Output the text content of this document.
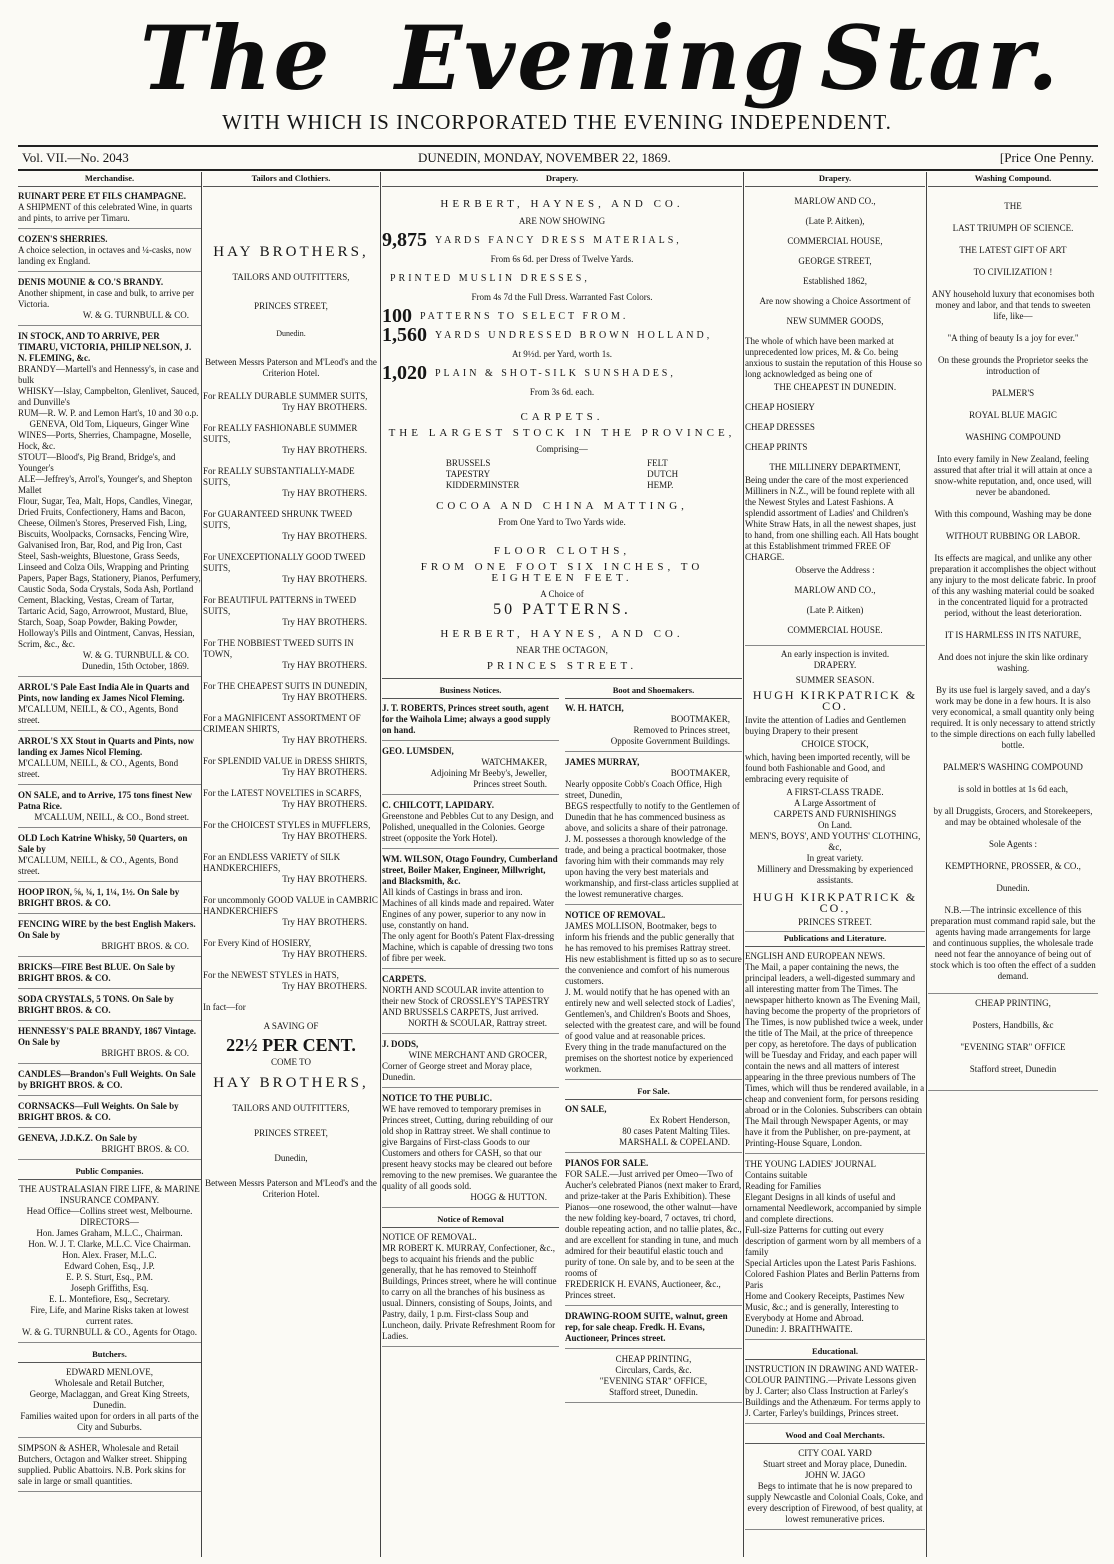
The Evening Star.
WITH WHICH IS INCORPORATED THE EVENING INDEPENDENT.
Vol. VII.—No. 2043	DUNEDIN, MONDAY, NOVEMBER 22, 1869.	[Price One Penny.
Merchandise.

RUINART PERE ET FILS CHAMPAGNE.

A SHIPMENT of this celebrated Wine, in quarts and pints, to arrive per Timaru.

COZEN'S SHERRIES.

A choice selection, in octaves and ¼-casks, now landing ex England.

DENIS MOUNIE & CO.'S BRANDY.

Another shipment, in case and bulk, to arrive per Victoria.

W. & G. TURNBULL & CO.

IN STOCK, AND TO ARRIVE, PER TIMARU, VICTORIA, PHILIP NELSON, J. N. FLEMING, &c.

BRANDY—Martell's and Hennessy's, in case and bulk

WHISKY—Islay, Campbelton, Glenlivet, Sauced, and Dunville's

RUM—R. W. P. and Lemon Hart's, 10 and 30 o.p.

GENEVA, Old Tom, Liqueurs, Ginger Wine

WINES—Ports, Sherries, Champagne, Moselle, Hock, &c.

STOUT—Blood's, Pig Brand, Bridge's, and Younger's

ALE—Jeffrey's, Arrol's, Younger's, and Shepton Mallet

Flour, Sugar, Tea, Malt, Hops, Candles, Vinegar, Dried Fruits, Confectionery, Hams and Bacon, Cheese, Oilmen's Stores, Preserved Fish, Ling, Biscuits, Woolpacks, Cornsacks, Fencing Wire, Galvanised Iron, Bar, Rod, and Pig Iron, Cast Steel, Sash-weights, Bluestone, Grass Seeds, Linseed and Colza Oils, Wrapping and Printing Papers, Paper Bags, Stationery, Pianos, Perfumery, Caustic Soda, Soda Crystals, Soda Ash, Portland Cement, Blacking, Vestas, Cream of Tartar, Tartaric Acid, Sago, Arrowroot, Mustard, Blue, Starch, Soap, Soap Powder, Baking Powder, Holloway's Pills and Ointment, Canvas, Hessian, Scrim, &c., &c.

W. & G. TURNBULL & CO.

Dunedin, 15th October, 1869.

ARROL'S Pale East India Ale in Quarts and Pints, now landing ex James Nicol Fleming.

M'CALLUM, NEILL, & CO., Agents, Bond street.

ARROL'S XX Stout in Quarts and Pints, now landing ex James Nicol Fleming.

M'CALLUM, NEILL, & CO., Agents, Bond street.

ON SALE, and to Arrive, 175 tons finest New Patna Rice.

M'CALLUM, NEILL, & CO., Bond street.

OLD Loch Katrine Whisky, 50 Quarters, on Sale by

M'CALLUM, NEILL, & CO., Agents, Bond street.

HOOP IRON, ⅝, ¾, 1, 1¼, 1½. On Sale by BRIGHT BROS. & CO.

FENCING WIRE by the best English Makers. On Sale by

BRIGHT BROS. & CO.

BRICKS—FIRE Best BLUE. On Sale by BRIGHT BROS. & CO.

SODA CRYSTALS, 5 TONS. On Sale by BRIGHT BROS. & CO.

HENNESSY'S PALE BRANDY, 1867 Vintage. On Sale by

BRIGHT BROS. & CO.

CANDLES—Brandon's Full Weights. On Sale by BRIGHT BROS. & CO.

CORNSACKS—Full Weights. On Sale by BRIGHT BROS. & CO.

GENEVA, J.D.K.Z. On Sale by

BRIGHT BROS. & CO.

Public Companies.

THE AUSTRALASIAN FIRE LIFE, & MARINE INSURANCE COMPANY.

Head Office—Collins street west, Melbourne.

DIRECTORS—

Hon. James Graham, M.L.C., Chairman.

Hon. W. J. T. Clarke, M.L.C. Vice Chairman.

Hon. Alex. Fraser, M.L.C.

Edward Cohen, Esq., J.P.

E. P. S. Sturt, Esq., P.M.

Joseph Griffiths, Esq.

E. L. Montefiore, Esq., Secretary.

Fire, Life, and Marine Risks taken at lowest current rates.

W. & G. TURNBULL & CO., Agents for Otago.

Butchers.

EDWARD MENLOVE,

Wholesale and Retail Butcher,

George, Maclaggan, and Great King Streets, Dunedin.

Families waited upon for orders in all parts of the City and Suburbs.

SIMPSON & ASHER, Wholesale and Retail Butchers, Octagon and Walker street. Shipping supplied. Public Abattoirs. N.B. Pork skins for sale in large or small quantities.

Tailors and Clothiers.
HAY BROTHERS,
TAILORS AND OUTFITTERS,
PRINCES STREET,
Dunedin.
Between Messrs Paterson and M'Leod's and the Criterion Hotel.
For REALLY DURABLE SUMMER SUITS,
Try HAY BROTHERS.
For REALLY FASHIONABLE SUMMER SUITS,
Try HAY BROTHERS.
For REALLY SUBSTANTIALLY-MADE SUITS,
Try HAY BROTHERS.
For GUARANTEED SHRUNK TWEED SUITS,
Try HAY BROTHERS.
For UNEXCEPTIONALLY GOOD TWEED SUITS,
Try HAY BROTHERS.
For BEAUTIFUL PATTERNS in TWEED SUITS,
Try HAY BROTHERS.
For THE NOBBIEST TWEED SUITS IN TOWN,
Try HAY BROTHERS.
For THE CHEAPEST SUITS IN DUNEDIN,
Try HAY BROTHERS.
For a MAGNIFICENT ASSORTMENT OF CRIMEAN SHIRTS,
Try HAY BROTHERS.
For SPLENDID VALUE in DRESS SHIRTS,
Try HAY BROTHERS.
For the LATEST NOVELTIES in SCARFS,
Try HAY BROTHERS.
For the CHOICEST STYLES in MUFFLERS,
Try HAY BROTHERS.
For an ENDLESS VARIETY of SILK HANDKERCHIEFS,
Try HAY BROTHERS.
For uncommonly GOOD VALUE in CAMBRIC HANDKERCHIEFS
Try HAY BROTHERS.
For Every Kind of HOSIERY,
Try HAY BROTHERS.
For the NEWEST STYLES in HATS,
Try HAY BROTHERS.
In fact—for
A SAVING OF
22½ PER CENT.
COME TO
HAY BROTHERS,
TAILORS AND OUTFITTERS,
PRINCES STREET,
Dunedin,
Between Messrs Paterson and M'Leod's and the Criterion Hotel.
Drapery.
HERBERT, HAYNES, AND CO.
ARE NOW SHOWING
9,875 YARDS FANCY DRESS MATERIALS,
From 6s 6d. per Dress of Twelve Yards.
PRINTED MUSLIN DRESSES,
From 4s 7d the Full Dress. Warranted Fast Colors.
100 PATTERNS TO SELECT FROM.
1,560 YARDS UNDRESSED BROWN HOLLAND,
At 9½d. per Yard, worth 1s.
1,020 PLAIN & SHOT-SILK SUNSHADES,
From 3s 6d. each.
CARPETS.
THE LARGEST STOCK IN THE PROVINCE,
Comprising—
BRUSSELS
TAPESTRY
KIDDERMINSTER
FELT
DUTCH
HEMP.
COCOA AND CHINA MATTING,
From One Yard to Two Yards wide.
FLOOR CLOTHS,
FROM ONE FOOT SIX INCHES, TO EIGHTEEN FEET.
A Choice of
50 PATTERNS.
HERBERT, HAYNES, AND CO.
NEAR THE OCTAGON,
PRINCES STREET.
Business Notices.

J. T. ROBERTS, Princes street south, agent for the Waihola Lime; always a good supply on hand.

GEO. LUMSDEN,

WATCHMAKER,

Adjoining Mr Beeby's, Jeweller,

Princes street South.

C. CHILCOTT, LAPIDARY.

Greenstone and Pebbles Cut to any Design, and Polished, unequalled in the Colonies. George street (opposite the York Hotel).

WM. WILSON, Otago Foundry, Cumberland street, Boiler Maker, Engineer, Millwright, and Blacksmith, &c.

All kinds of Castings in brass and iron. Machines of all kinds made and repaired. Water Engines of any power, superior to any now in use, constantly on hand.

The only agent for Booth's Patent Flax-dressing Machine, which is capable of dressing two tons of fibre per week.

CARPETS.

NORTH AND SCOULAR invite attention to their new Stock of CROSSLEY'S TAPESTRY AND BRUSSELS CARPETS, Just arrived.

NORTH & SCOULAR, Rattray street.

J. DODS,

WINE MERCHANT AND GROCER,

Corner of George street and Moray place, Dunedin.

NOTICE TO THE PUBLIC.

WE have removed to temporary premises in Princes street, Cutting, during rebuilding of our old shop in Rattray street. We shall continue to give Bargains of First-class Goods to our Customers and others for CASH, so that our present heavy stocks may be cleared out before removing to the new premises. We guarantee the quality of all goods sold.

HOGG & HUTTON.

Notice of Removal

NOTICE OF REMOVAL.

MR ROBERT K. MURRAY, Confectioner, &c., begs to acquaint his friends and the public generally, that he has removed to Steinhoff Buildings, Princes street, where he will continue to carry on all the branches of his business as usual. Dinners, consisting of Soups, Joints, and Pastry, daily, 1 p.m. First-class Soup and Luncheon, daily. Private Refreshment Room for Ladies.

Boot and Shoemakers.

W. H. HATCH,

BOOTMAKER,

Removed to Princes street,

Opposite Government Buildings.

JAMES MURRAY,

BOOTMAKER,

Nearly opposite Cobb's Coach Office, High street, Dunedin,

BEGS respectfully to notify to the Gentlemen of Dunedin that he has commenced business as above, and solicits a share of their patronage.

J. M. possesses a thorough knowledge of the trade, and being a practical bootmaker, those favoring him with their commands may rely upon having the very best materials and workmanship, and first-class articles supplied at the lowest remunerative charges.

NOTICE OF REMOVAL.

JAMES MOLLISON, Bootmaker, begs to inform his friends and the public generally that he has removed to his premises Rattray street. His new establishment is fitted up so as to secure the convenience and comfort of his numerous customers.

J. M. would notify that he has opened with an entirely new and well selected stock of Ladies', Gentlemen's, and Children's Boots and Shoes, selected with the greatest care, and will be found of good value and at reasonable prices.

Every thing in the trade manufactured on the premises on the shortest notice by experienced workmen.

For Sale.

ON SALE,

Ex Robert Henderson,

80 cases Patent Malting Tiles.

MARSHALL & COPELAND.

PIANOS FOR SALE.

FOR SALE.—Just arrived per Omeo—Two of Aucher's celebrated Pianos (next maker to Erard, and prize-taker at the Paris Exhibition). These Pianos—one rosewood, the other walnut—have the new folding key-board, 7 octaves, tri chord, double repeating action, and no tallie plates, &c., and are excellent for standing in tune, and much admired for their beautiful elastic touch and purity of tone. On sale by, and to be seen at the rooms of

FREDERICK H. EVANS, Auctioneer, &c., Princes street.

DRAWING-ROOM SUITE, walnut, green rep, for sale cheap. Fredk. H. Evans, Auctioneer, Princes street.

CHEAP PRINTING,

Circulars, Cards, &c.

"EVENING STAR" OFFICE,

Stafford street, Dunedin.

Drapery.

MARLOW AND CO.,

(Late P. Aitken),

COMMERCIAL HOUSE,

GEORGE STREET,

Established 1862,

Are now showing a Choice Assortment of

NEW SUMMER GOODS,

The whole of which have been marked at unprecedented low prices, M. & Co. being anxious to sustain the reputation of this House so long acknowledged as being one of

THE CHEAPEST IN DUNEDIN.

CHEAP HOSIERY

CHEAP DRESSES

CHEAP PRINTS

THE MILLINERY DEPARTMENT,

Being under the care of the most experienced Milliners in N.Z., will be found replete with all the Newest Styles and Latest Fashions. A splendid assortment of Ladies' and Children's White Straw Hats, in all the newest shapes, just to hand, from one shilling each. All Hats bought at this Establishment trimmed FREE OF CHARGE.

Observe the Address :

MARLOW AND CO.,

(Late P. Aitken)

COMMERCIAL HOUSE.

An early inspection is invited.
DRAPERY.
SUMMER SEASON.
HUGH KIRKPATRICK & CO.

Invite the attention of Ladies and Gentlemen buying Drapery to their present

CHOICE STOCK,

which, having been imported recently, will be found both Fashionable and Good, and embracing every requisite of

A FIRST-CLASS TRADE.
A Large Assortment of
CARPETS AND FURNISHINGS
On Land.
MEN'S, BOYS', AND YOUTHS' CLOTHING, &c,
In great variety.
Millinery and Dressmaking by experienced assistants.
HUGH KIRKPATRICK & CO.,
PRINCES STREET.
Publications and Literature.

ENGLISH AND EUROPEAN NEWS.

The Mail, a paper containing the news, the principal leaders, a well-digested summary and all interesting matter from The Times. The newspaper hitherto known as The Evening Mail, having become the property of the proprietors of The Times, is now published twice a week, under the title of The Mail, at the price of threepence per copy, as heretofore. The days of publication will be Tuesday and Friday, and each paper will contain the news and all matters of interest appearing in the three previous numbers of The Times, which will thus be rendered available, in a cheap and convenient form, for persons residing abroad or in the Colonies. Subscribers can obtain The Mail through Newspaper Agents, or may have it from the Publisher, on pre-payment, at Printing-House Square, London.

THE YOUNG LADIES' JOURNAL

Contains suitable

Reading for Families

Elegant Designs in all kinds of useful and ornamental Needlework, accompanied by simple and complete directions.

Full-size Patterns for cutting out every description of garment worn by all members of a family

Special Articles upon the Latest Paris Fashions.

Colored Fashion Plates and Berlin Patterns from Paris

Home and Cookery Receipts, Pastimes New Music, &c.; and is generally, Interesting to Everybody at Home and Abroad.

Dunedin: J. BRAITHWAITE.

Educational.
INSTRUCTION IN DRAWING AND WATER-COLOUR PAINTING.—Private Lessons given by J. Carter; also Class Instruction at Farley's Buildings and the Athenæum. For terms apply to J. Carter, Farley's buildings, Princes street.
Wood and Coal Merchants.

CITY COAL YARD

Stuart street and Moray place, Dunedin.

JOHN W. JAGO

Begs to intimate that he is now prepared to supply Newcastle and Colonial Coals, Coke, and every description of Firewood, of best quality, at lowest remunerative prices.

Washing Compound.

THE

LAST TRIUMPH OF SCIENCE.

THE LATEST GIFT OF ART

TO CIVILIZATION !

ANY household luxury that economises both money and labor, and that tends to sweeten life, like—

"A thing of beauty Is a joy for ever."

On these grounds the Proprietor seeks the introduction of

PALMER'S

ROYAL BLUE MAGIC

WASHING COMPOUND

Into every family in New Zealand, feeling assured that after trial it will attain at once a snow-white reputation, and, once used, will never be abandoned.

With this compound, Washing may be done

WITHOUT RUBBING OR LABOR.

Its effects are magical, and unlike any other preparation it accomplishes the object without any injury to the most delicate fabric. In proof of this any washing material could be soaked in the concentrated liquid for a protracted period, without the least deterioration.

IT IS HARMLESS IN ITS NATURE,

And does not injure the skin like ordinary washing.

By its use fuel is largely saved, and a day's work may be done in a few hours. It is also very economical, a small quantity only being required. It is only necessary to attend strictly to the simple directions on each fully labelled bottle.

PALMER'S WASHING COMPOUND

is sold in bottles at 1s 6d each,

by all Druggists, Grocers, and Storekeepers, and may be obtained wholesale of the

Sole Agents :

KEMPTHORNE, PROSSER, & CO.,

Dunedin.

N.B.—The intrinsic excellence of this preparation must command rapid sale, but the agents having made arrangements for large and continuous supplies, the wholesale trade need not fear the annoyance of being out of stock which is too often the effect of a sudden demand.

CHEAP PRINTING,

Posters, Handbills, &c

"EVENING STAR" OFFICE

Stafford street, Dunedin
